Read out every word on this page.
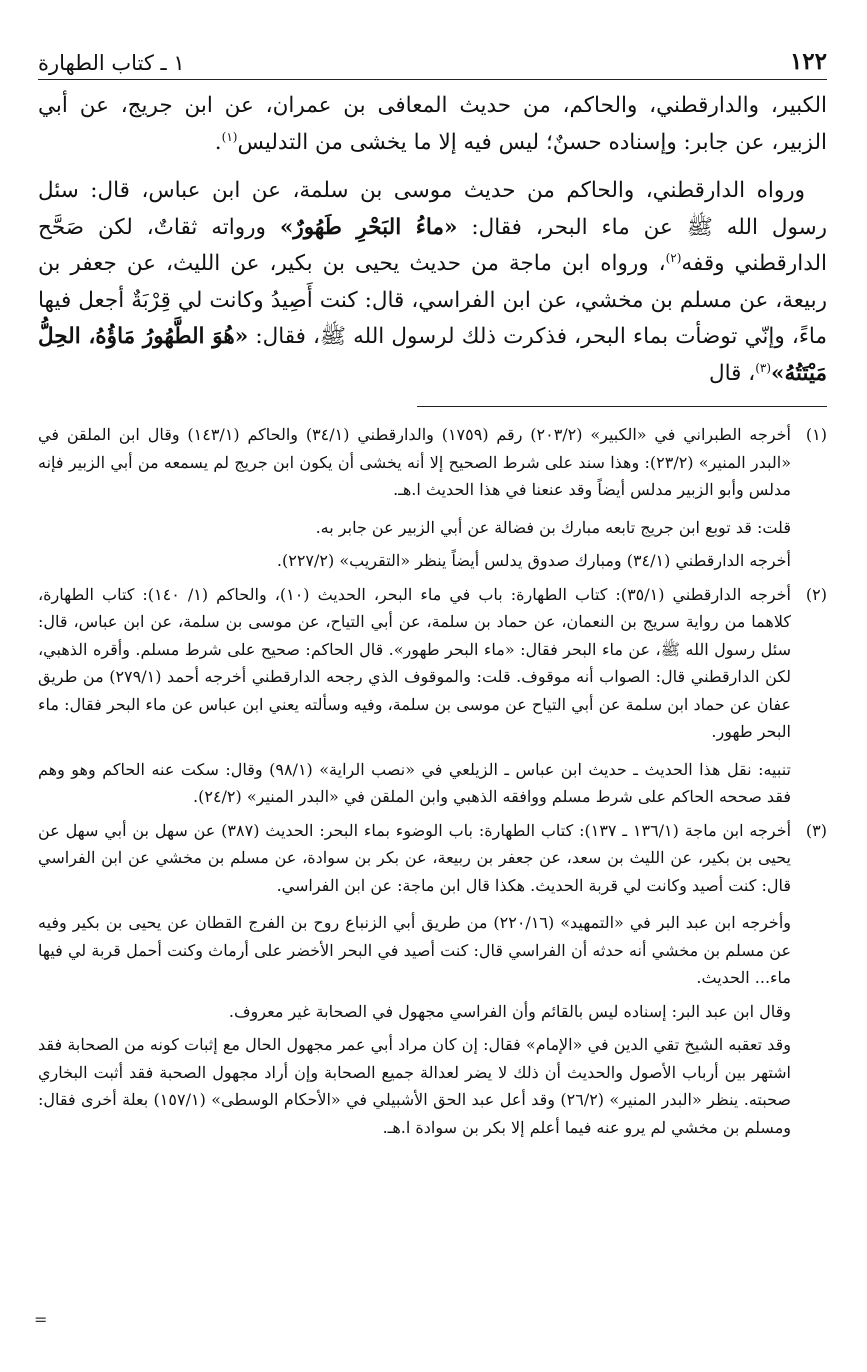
١٢٢
١ ـ كتاب الطهارة

الكبير، والدارقطني، والحاكم، من حديث المعافى بن عمران، عن ابن جريج، عن أبي الزبير، عن جابر: وإسناده حسنٌ؛ ليس فيه إلا ما يخشى من التدليس$^{(١)}$.

ورواه الدارقطني، والحاكم من حديث موسى بن سلمة، عن ابن عباس، قال: سئل رسول الله ﷺ عن ماء البحر، فقال: «ماءُ البَحْرِ طَهُورٌ» ورواته ثقاتٌ، لكن صَحَّح الدارقطني وقفه$^{(٢)}$، ورواه ابن ماجة من حديث يحيى بن بكير، عن الليث، عن جعفر بن ربيعة، عن مسلم بن مخشي، عن ابن الفراسي، قال: كنت أَصِيدُ وكانت لي قِرْبَةٌ أجعل فيها ماءً، وإنّي توضأت بماء البحر، فذكرت ذلك لرسول الله ﷺ، فقال: «هُوَ الطَّهُورُ مَاؤُهُ، الحِلُّ مَيْتَتُهُ»$^{(٣)}$، قال

(١)

أخرجه الطبراني في «الكبير» (٢٠٣/٢) رقم (١٧٥٩) والدارقطني (٣٤/١) والحاكم (١٤٣/١) وقال ابن الملقن في «البدر المنير» (٢٣/٢): وهذا سند على شرط الصحيح إلا أنه يخشى أن يكون ابن جريج لم يسمعه من أبي الزبير فإنه مدلس وأبو الزبير مدلس أيضاً وقد عنعنا في هذا الحديث ا.هـ.

قلت: قد توبع ابن جريج تابعه مبارك بن فضالة عن أبي الزبير عن جابر به.

أخرجه الدارقطني (٣٤/١) ومبارك صدوق يدلس أيضاً ينظر «التقريب» (٢٢٧/٢).

(٢)

أخرجه الدارقطني (٣٥/١): كتاب الطهارة: باب في ماء البحر، الحديث (١٠)، والحاكم (١/ ١٤٠): كتاب الطهارة، كلاهما من رواية سريج بن النعمان، عن حماد بن سلمة، عن أبي التياح، عن موسى بن سلمة، عن ابن عباس، قال: سئل رسول الله ﷺ، عن ماء البحر فقال: «ماء البحر طهور». قال الحاكم: صحيح على شرط مسلم. وأقره الذهبي، لكن الدارقطني قال: الصواب أنه موقوف. قلت: والموقوف الذي رجحه الدارقطني أخرجه أحمد (٢٧٩/١) من طريق عفان عن حماد ابن سلمة عن أبي التياح عن موسى بن سلمة، وفيه وسألته يعني ابن عباس عن ماء البحر فقال: ماء البحر طهور.

تنبيه: نقل هذا الحديث ـ حديث ابن عباس ـ الزيلعي في «نصب الراية» (٩٨/١) وقال: سكت عنه الحاكم وهو وهم فقد صححه الحاكم على شرط مسلم ووافقه الذهبي وابن الملقن في «البدر المنير» (٢٤/٢).

(٣)

أخرجه ابن ماجة (١٣٦/١ ـ ١٣٧): كتاب الطهارة: باب الوضوء بماء البحر: الحديث (٣٨٧) عن سهل بن أبي سهل عن يحيى بن بكير، عن الليث بن سعد، عن جعفر بن ربيعة، عن بكر بن سوادة، عن مسلم بن مخشي عن ابن الفراسي قال: كنت أصيد وكانت لي قربة الحديث. هكذا قال ابن ماجة: عن ابن الفراسي.

وأخرجه ابن عبد البر في «التمهيد» (٢٢٠/١٦) من طريق أبي الزنباع روح بن الفرج القطان عن يحيى بن بكير وفيه عن مسلم بن مخشي أنه حدثه أن الفراسي قال: كنت أصيد في البحر الأخضر على أرماث وكنت أحمل قربة لي فيها ماء... الحديث.

وقال ابن عبد البر: إسناده ليس بالقائم وأن الفراسي مجهول في الصحابة غير معروف.

وقد تعقبه الشيخ تقي الدين في «الإمام» فقال: إن كان مراد أبي عمر مجهول الحال مع إثبات كونه من الصحابة فقد اشتهر بين أرباب الأصول والحديث أن ذلك لا يضر لعدالة جميع الصحابة وإن أراد مجهول الصحبة فقد أثبت البخاري صحبته. ينظر «البدر المنير» (٢٦/٢) وقد أعل عبد الحق الأشبيلي في «الأحكام الوسطى» (١٥٧/١) بعلة أخرى فقال: ومسلم بن مخشي لم يرو عنه فيما أعلم إلا بكر بن سوادة ا.هـ.

=
